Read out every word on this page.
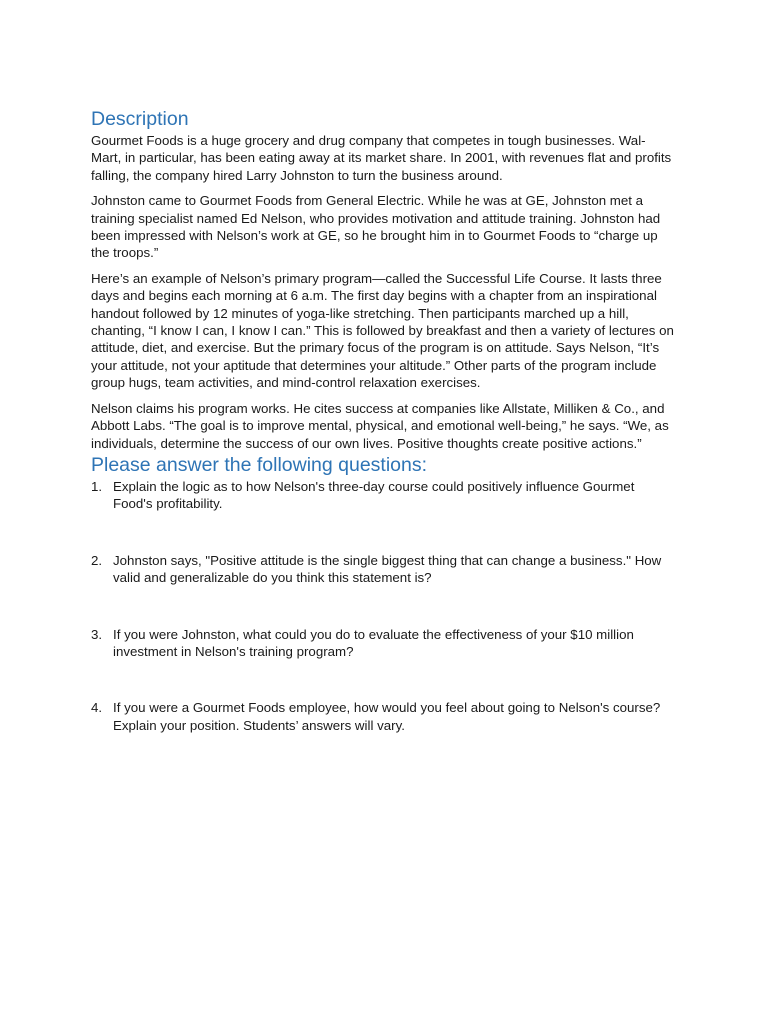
Description

Gourmet Foods is a huge grocery and drug company that competes in tough businesses. Wal-Mart, in particular, has been eating away at its market share. In 2001, with revenues flat and profits falling, the company hired Larry Johnston to turn the business around.

Johnston came to Gourmet Foods from General Electric. While he was at GE, Johnston met a training specialist named Ed Nelson, who provides motivation and attitude training. Johnston had been impressed with Nelson’s work at GE, so he brought him in to Gourmet Foods to “charge up the troops.”

Here’s an example of Nelson’s primary program—called the Successful Life Course. It lasts three days and begins each morning at 6 a.m. The first day begins with a chapter from an inspirational handout followed by 12 minutes of yoga-like stretching. Then participants marched up a hill, chanting, “I know I can, I know I can.” This is followed by breakfast and then a variety of lectures on attitude, diet, and exercise. But the primary focus of the program is on attitude. Says Nelson, “It’s your attitude, not your aptitude that determines your altitude.” Other parts of the program include group hugs, team activities, and mind-control relaxation exercises.

Nelson claims his program works. He cites success at companies like Allstate, Milliken & Co., and Abbott Labs. “The goal is to improve mental, physical, and emotional well-being,” he says. “We, as individuals, determine the success of our own lives. Positive thoughts create positive actions.”

Please answer the following questions:
1. Explain the logic as to how Nelson's three-day course could positively influence Gourmet Food's profitability.
2. Johnston says, "Positive attitude is the single biggest thing that can change a business." How valid and generalizable do you think this statement is?
3. If you were Johnston, what could you do to evaluate the effectiveness of your $10 million investment in Nelson's training program?
4. If you were a Gourmet Foods employee, how would you feel about going to Nelson's course? Explain your position. Students’ answers will vary.
